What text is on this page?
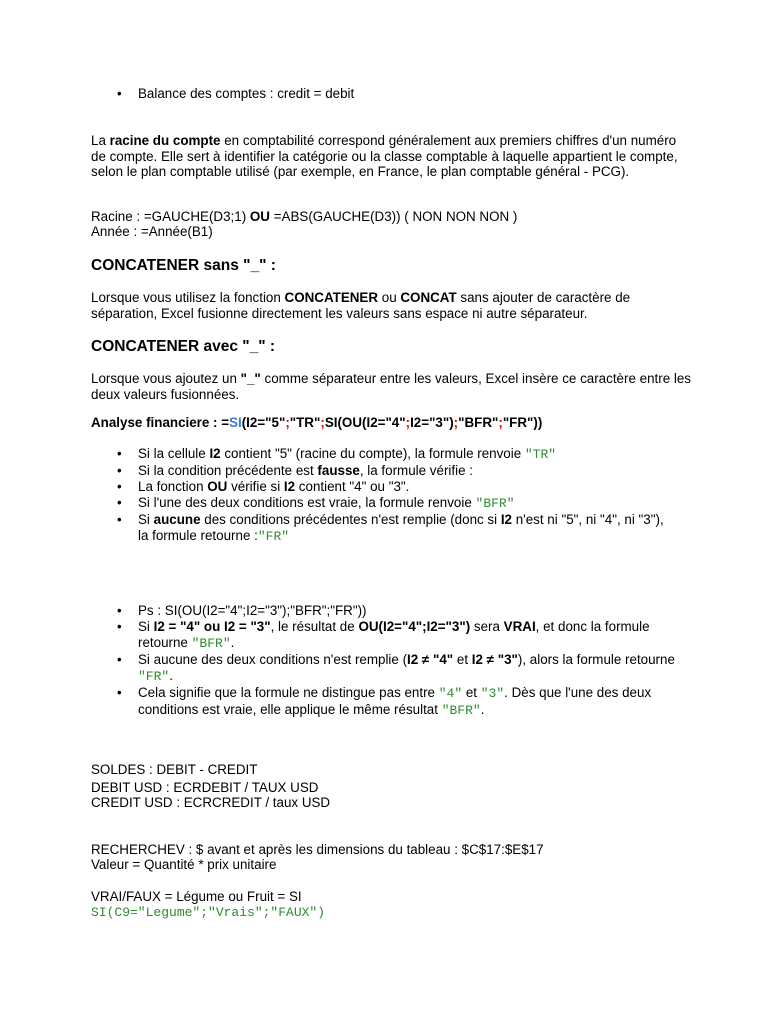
• Balance des comptes : credit = debit

La racine du compte en comptabilité correspond généralement aux premiers chiffres d'un numéro de compte. Elle sert à identifier la catégorie ou la classe comptable à laquelle appartient le compte, selon le plan comptable utilisé (par exemple, en France, le plan comptable général - PCG).

Racine : =GAUCHE(D3;1) OU =ABS(GAUCHE(D3)) ( NON NON NON )

Année : =Année(B1)

CONCATENER sans "_" :

Lorsque vous utilisez la fonction CONCATENER ou CONCAT sans ajouter de caractère de séparation, Excel fusionne directement les valeurs sans espace ni autre séparateur.

CONCATENER avec "_" :

Lorsque vous ajoutez un "_" comme séparateur entre les valeurs, Excel insère ce caractère entre les deux valeurs fusionnées.

Analyse financiere : =SI(I2="5";"TR";SI(OU(I2="4";I2="3");"BFR";"FR"))

• Si la cellule I2 contient "5" (racine du compte), la formule renvoie "TR"
• Si la condition précédente est fausse, la formule vérifie :
• La fonction OU vérifie si I2 contient "4" ou "3".
• Si l'une des deux conditions est vraie, la formule renvoie "BFR"
• Si aucune des conditions précédentes n'est remplie (donc si I2 n'est ni "5", ni "4", ni "3"), la formule retourne :"FR"
• Ps : SI(OU(I2="4";I2="3");"BFR";"FR"))
• Si I2 = "4" ou I2 = "3", le résultat de OU(I2="4";I2="3") sera VRAI, et donc la formule retourne "BFR".
• Si aucune des deux conditions n'est remplie (I2 ≠ "4" et I2 ≠ "3"), alors la formule retourne "FR".
• Cela signifie que la formule ne distingue pas entre "4" et "3". Dès que l'une des deux conditions est vraie, elle applique le même résultat "BFR".

SOLDES : DEBIT - CREDIT

DEBIT USD : ECRDEBIT / TAUX USD

CREDIT USD : ECRCREDIT / taux USD

RECHERCHEV : $ avant et après les dimensions du tableau : $C$17:$E$17

Valeur = Quantité * prix unitaire

VRAI/FAUX = Légume ou Fruit = SI

SI(C9="Legume";"Vrais";"FAUX")
